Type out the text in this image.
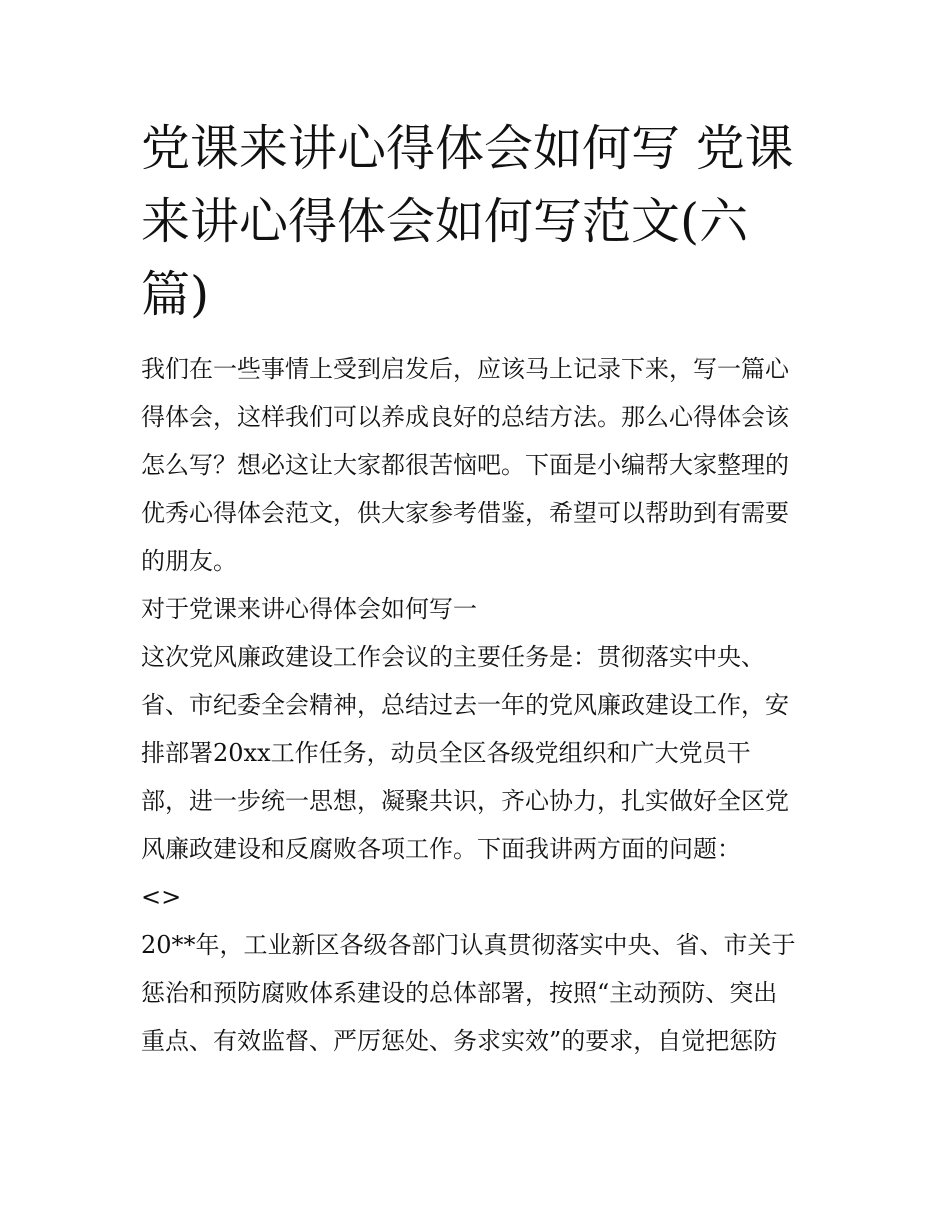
党课来讲心得体会如何写 党课
来讲心得体会如何写范文(六
篇)
我们在一些事情上受到启发后，应该马上记录下来，写一篇心
得体会，这样我们可以养成良好的总结方法。那么心得体会该
怎么写？想必这让大家都很苦恼吧。下面是小编帮大家整理的
优秀心得体会范文，供大家参考借鉴，希望可以帮助到有需要
的朋友。
对于党课来讲心得体会如何写一
这次党风廉政建设工作会议的主要任务是：贯彻落实中央、
省、市纪委全会精神，总结过去一年的党风廉政建设工作，安
排部署20xx工作任务，动员全区各级党组织和广大党员干
部，进一步统一思想，凝聚共识，齐心协力，扎实做好全区党
风廉政建设和反腐败各项工作。下面我讲两方面的问题：
<>
20**年，工业新区各级各部门认真贯彻落实中央、省、市关于
惩治和预防腐败体系建设的总体部署，按照“主动预防、突出
重点、有效监督、严厉惩处、务求实效”的要求，自觉把惩防
